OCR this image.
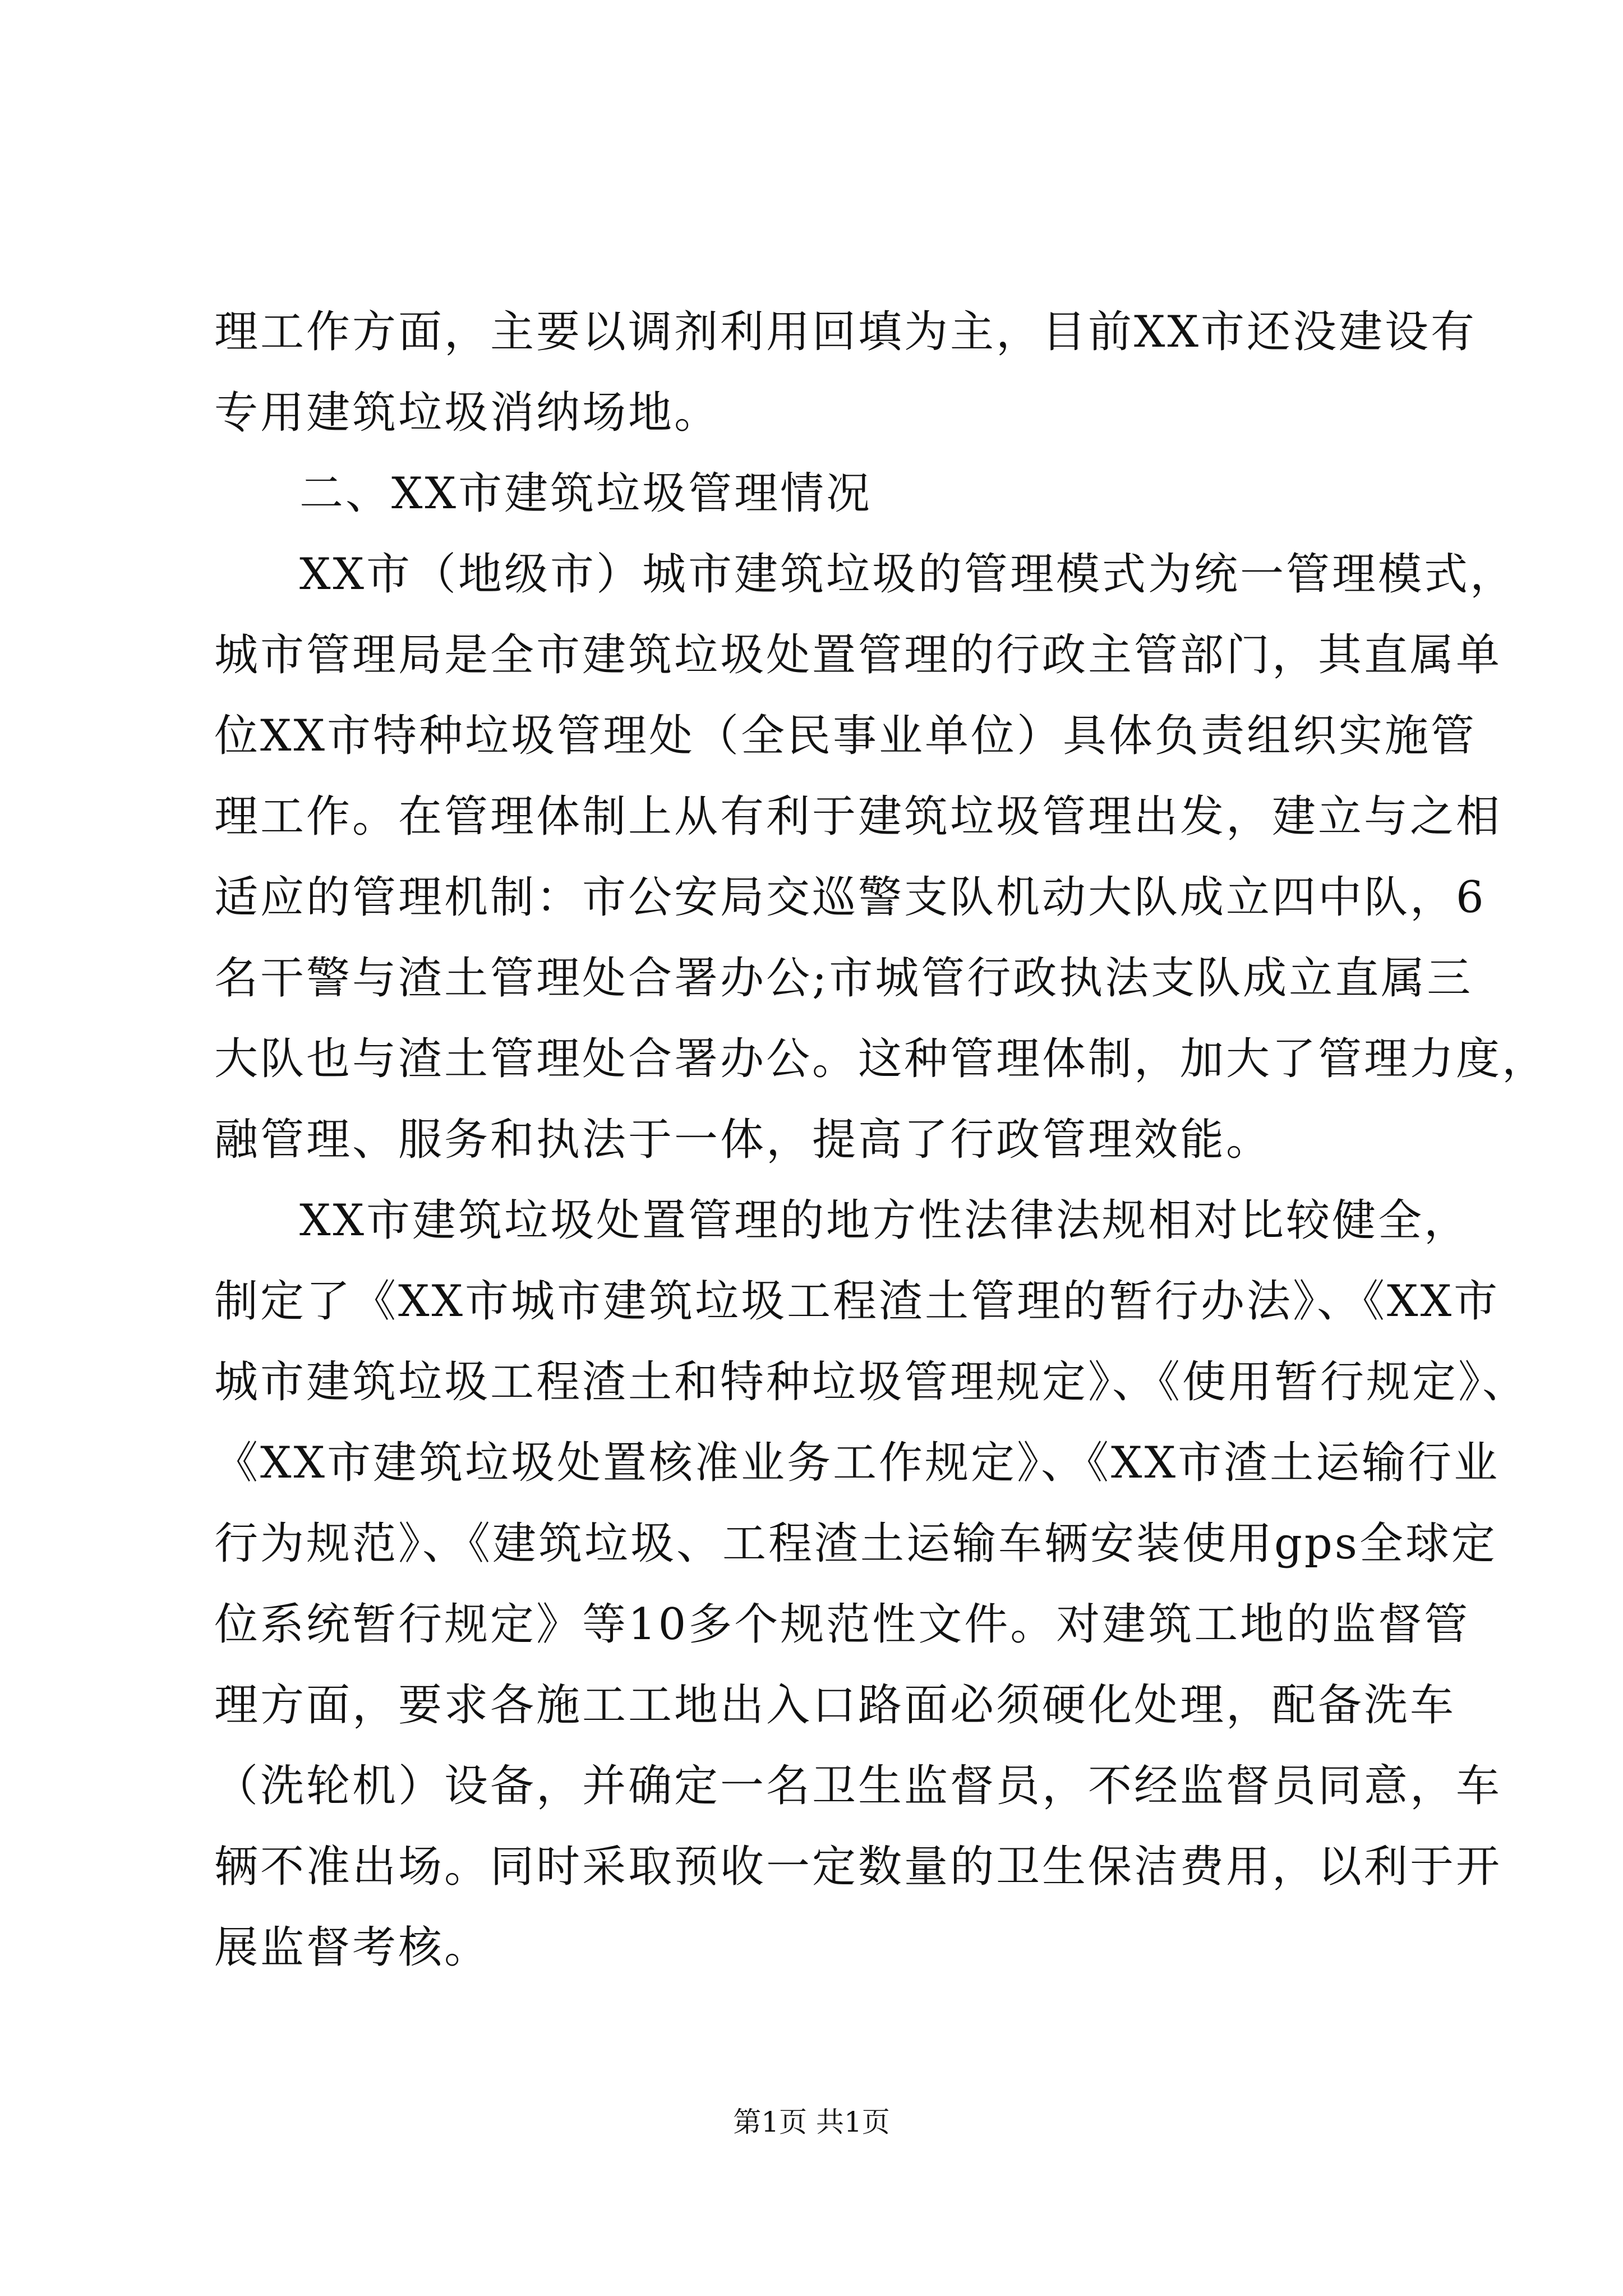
理工作方面，主要以调剂利用回填为主，目前XX市还没建设有
专用建筑垃圾消纳场地。
二、XX市建筑垃圾管理情况
XX市（地级市）城市建筑垃圾的管理模式为统一管理模式，
城市管理局是全市建筑垃圾处置管理的行政主管部门，其直属单
位XX市特种垃圾管理处（全民事业单位）具体负责组织实施管
理工作。在管理体制上从有利于建筑垃圾管理出发，建立与之相
适应的管理机制：市公安局交巡警支队机动大队成立四中队，6
名干警与渣土管理处合署办公;市城管行政执法支队成立直属三
大队也与渣土管理处合署办公。这种管理体制，加大了管理力度，
融管理、服务和执法于一体，提高了行政管理效能。
XX市建筑垃圾处置管理的地方性法律法规相对比较健全，
制定了《XX市城市建筑垃圾工程渣土管理的暂行办法》、《XX市
城市建筑垃圾工程渣土和特种垃圾管理规定》、《使用暂行规定》、
《XX市建筑垃圾处置核准业务工作规定》、《XX市渣土运输行业
行为规范》、《建筑垃圾、工程渣土运输车辆安装使用gps全球定
位系统暂行规定》等10多个规范性文件。对建筑工地的监督管
理方面，要求各施工工地出入口路面必须硬化处理，配备洗车
（洗轮机）设备，并确定一名卫生监督员，不经监督员同意，车
辆不准出场。同时采取预收一定数量的卫生保洁费用，以利于开
展监督考核。
第1页 共1页
